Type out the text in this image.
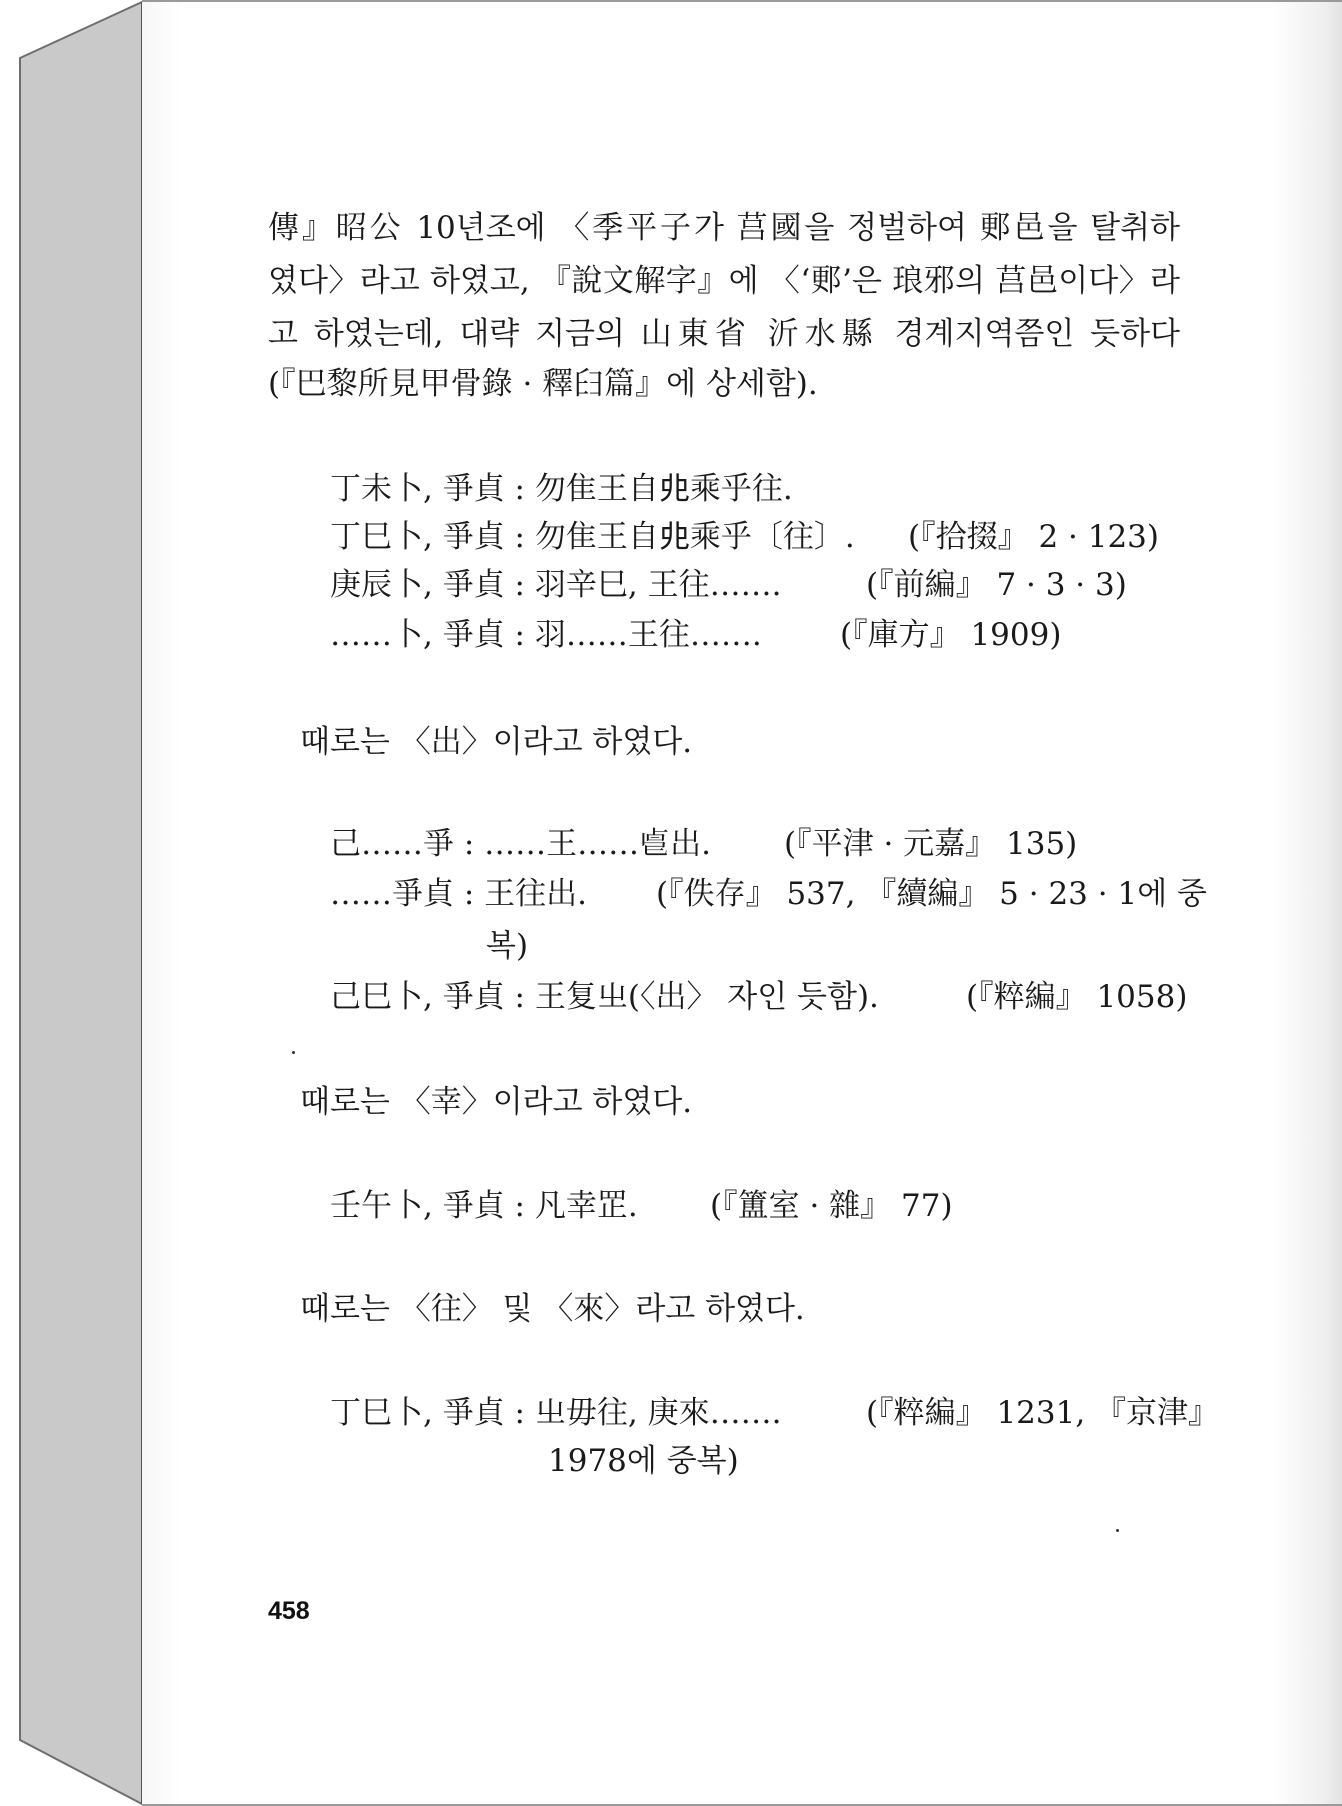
傳』昭公 10년조에 〈季平子가 莒國을 정벌하여 郠邑을 탈취하
였다〉라고 하였고, 『說文解字』에 〈‘郠’은 琅邪의 莒邑이다〉라
고 하였는데, 대략 지금의 山東省 沂水縣 경계지역쯤인 듯하다
(『巴黎所見甲骨錄 · 釋𦥑篇』에 상세함).
丁未卜, 爭貞 : 勿隹王自𠑹乘乎往.
丁巳卜, 爭貞 : 勿隹王自𠑹乘乎〔往〕. (『拾掇』 2 · 123)
庚辰卜, 爭貞 : 羽辛巳, 王往…….	(『前編』 7 · 3 · 3)
……卜, 爭貞 : 羽……王往…….	(『庫方』 1909)
때로는 〈出〉이라고 하였다.
己……爭 : ……王……𠧢出. (『平津 · 元嘉』 135)
……爭貞 : 王往出. (『佚存』 537, 『續編』 5 · 23 · 1에 중
복)
己巳卜, 爭貞 : 王复㞢(〈出〉 자인 듯함).	(『粹編』 1058)
때로는 〈幸〉이라고 하였다.
壬午卜, 爭貞 : 凡幸𦊆. (『簠室 · 雜』 77)
때로는 〈往〉 및 〈來〉라고 하였다.
丁巳卜, 爭貞 : 㞢毋往, 庚來…….	(『粹編』 1231, 『京津』
1978에 중복)
458
